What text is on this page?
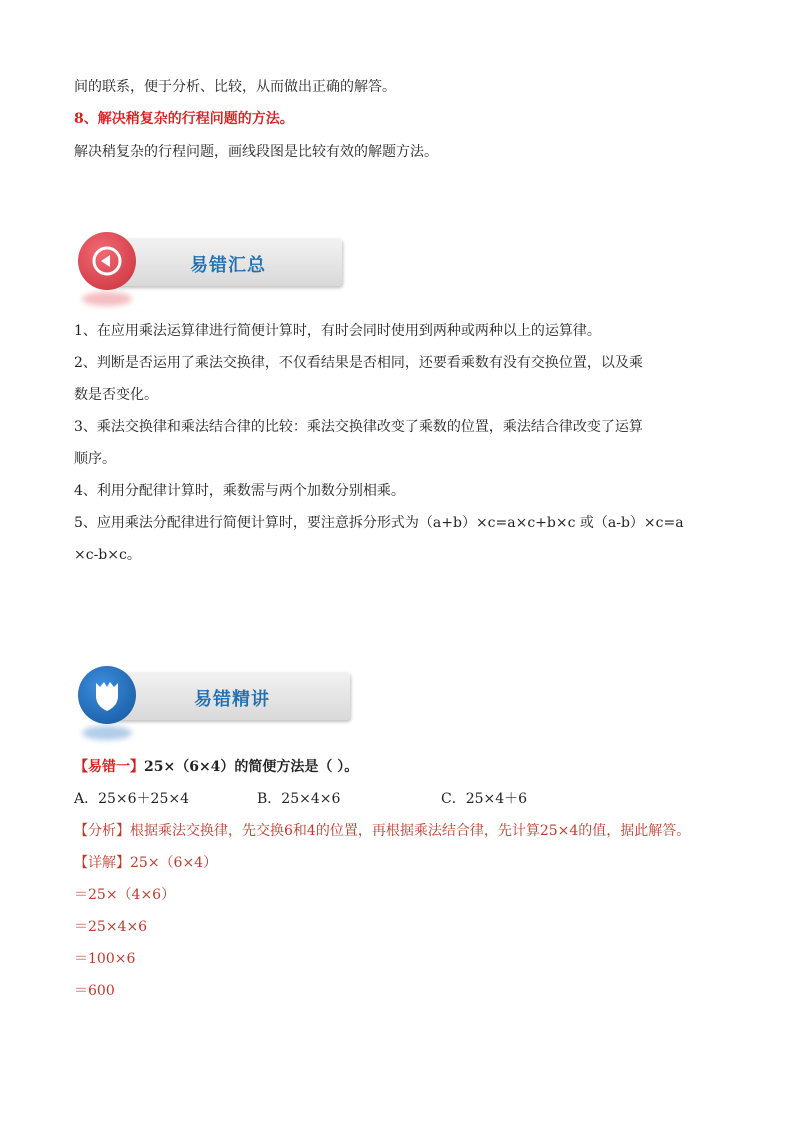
间的联系，便于分析、比较，从而做出正确的解答。
8、解决稍复杂的行程问题的方法。
解决稍复杂的行程问题，画线段图是比较有效的解题方法。
易错汇总
1、在应用乘法运算律进行简便计算时，有时会同时使用到两种或两种以上的运算律。
2、判断是否运用了乘法交换律，不仅看结果是否相同，还要看乘数有没有交换位置，以及乘
数是否变化。
3、乘法交换律和乘法结合律的比较：乘法交换律改变了乘数的位置，乘法结合律改变了运算
顺序。
4、利用分配律计算时，乘数需与两个加数分别相乘。
5、应用乘法分配律进行简便计算时，要注意拆分形式为（a+b）×c=a×c+b×c 或（a-b）×c=a
×c-b×c。
易错精讲
【易错一】25×（6×4）的简便方法是（ ）。
A．25×6＋25×4	B．25×4×6	C．25×4＋6
【分析】根据乘法交换律，先交换6和4的位置，再根据乘法结合律，先计算25×4的值，据此解答。
【详解】25×（6×4）
＝25×（4×6）
＝25×4×6
＝100×6
＝600
